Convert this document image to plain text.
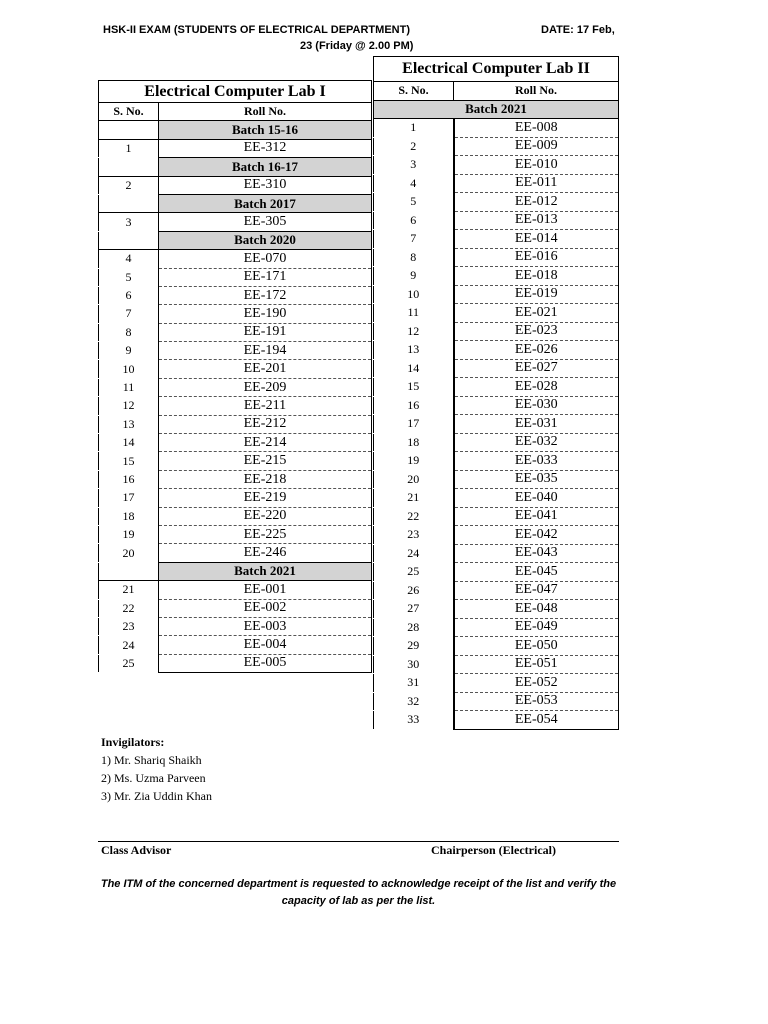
HSK-II EXAM (STUDENTS OF ELECTRICAL DEPARTMENT)	DATE: 17 Feb,
23 (Friday @ 2.00 PM)
Electrical Computer Lab I	
S. No.	Roll No.
	Batch 15-16
1	EE-312
	Batch 16-17
2	EE-310
	Batch 2017
3	EE-305
	Batch 2020
4	EE-070
5	EE-171
6	EE-172
7	EE-190
8	EE-191
9	EE-194
10	EE-201
11	EE-209
12	EE-211
13	EE-212
14	EE-214
15	EE-215
16	EE-218
17	EE-219
18	EE-220
19	EE-225
20	EE-246
	Batch 2021
21	EE-001
22	EE-002
23	EE-003
24	EE-004
25	EE-005
Electrical Computer Lab II	
S. No.	Roll No.
Batch 2021	
1	EE-008
2	EE-009
3	EE-010
4	EE-011
5	EE-012
6	EE-013
7	EE-014
8	EE-016
9	EE-018
10	EE-019
11	EE-021
12	EE-023
13	EE-026
14	EE-027
15	EE-028
16	EE-030
17	EE-031
18	EE-032
19	EE-033
20	EE-035
21	EE-040
22	EE-041
23	EE-042
24	EE-043
25	EE-045
26	EE-047
27	EE-048
28	EE-049
29	EE-050
30	EE-051
31	EE-052
32	EE-053
33	EE-054
Invigilators:
1) Mr. Shariq Shaikh
2) Ms. Uzma Parveen
3) Mr. Zia Uddin Khan
Class Advisor	Chairperson (Electrical)
The ITM of the concerned department is requested to acknowledge receipt of the list and verify the capacity of lab as per the list.
